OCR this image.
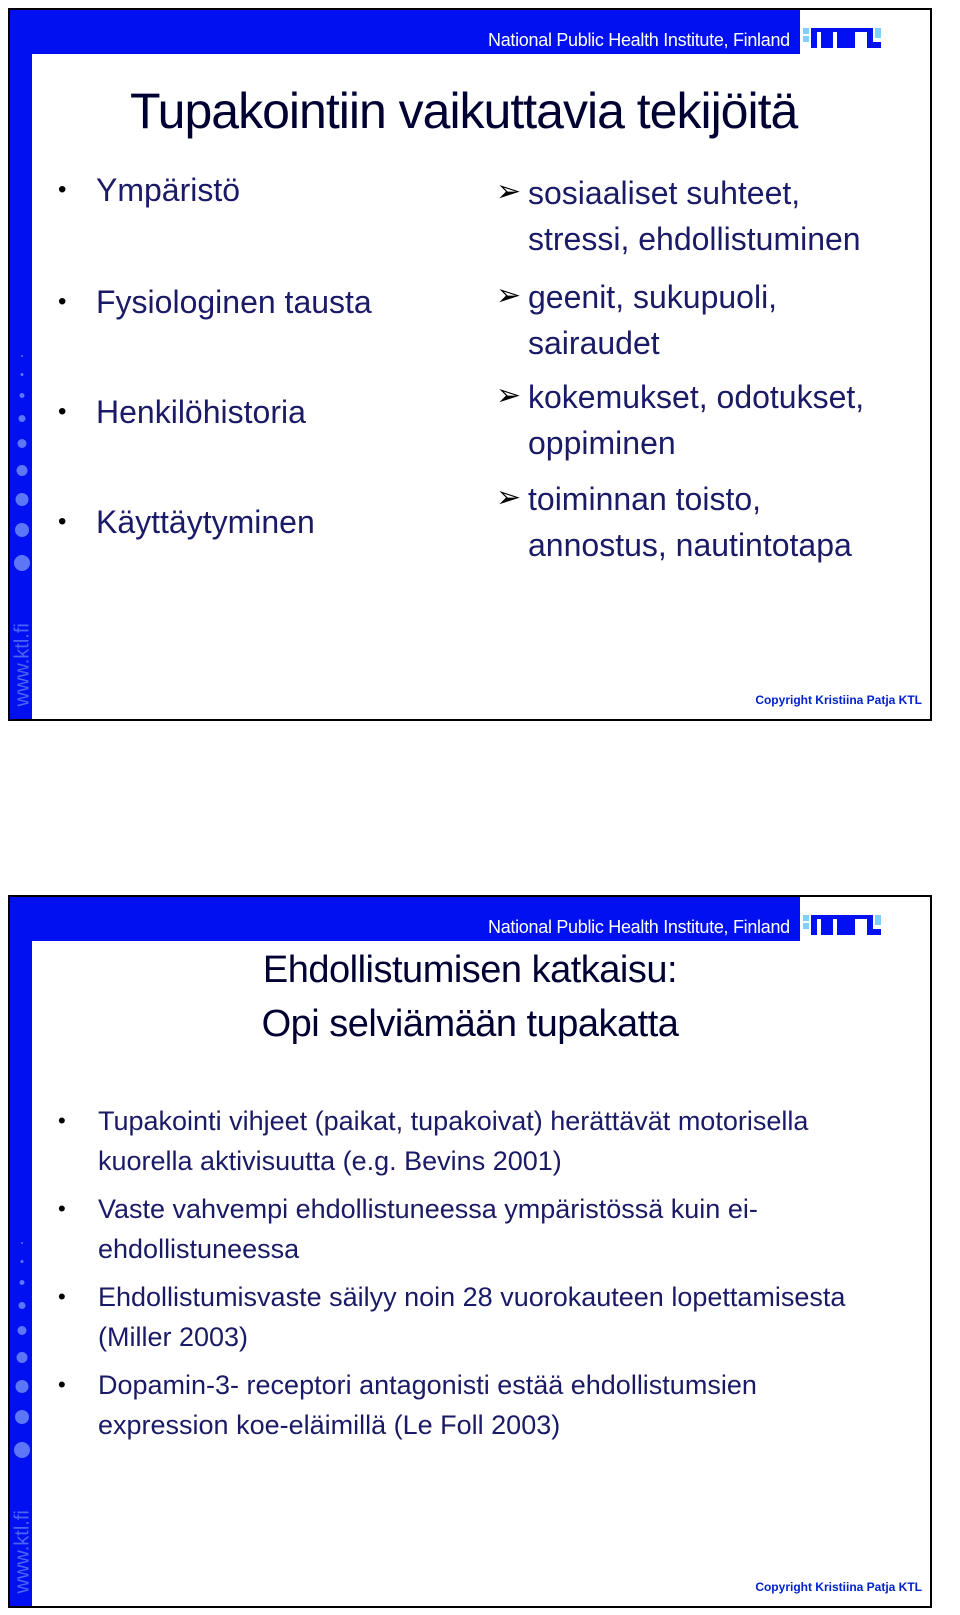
National Public Health Institute, Finland
www.ktl.fi
Tupakointiin vaikuttavia tekijöitä
• Ympäristö
• Fysiologinen tausta
• Henkilöhistoria
• Käyttäytyminen
➢ sosiaaliset suhteet, stressi, ehdollistuminen
➢ geenit, sukupuoli, sairaudet
➢ kokemukset, odotukset, oppiminen
➢ toiminnan toisto, annostus, nautintotapa
Copyright Kristiina Patja KTL
National Public Health Institute, Finland
www.ktl.fi
Ehdollistumisen katkaisu:
Opi selviämään tupakatta
• Tupakointi vihjeet (paikat, tupakoivat) herättävät motorisella kuorella aktivisuutta (e.g. Bevins 2001)
• Vaste vahvempi ehdollistuneessa ympäristössä kuin ei-ehdollistuneessa
• Ehdollistumisvaste säilyy noin 28 vuorokauteen lopettamisesta (Miller 2003)
• Dopamin-3- receptori antagonisti estää ehdollistumsien expression koe-eläimillä (Le Foll 2003)
Copyright Kristiina Patja KTL
